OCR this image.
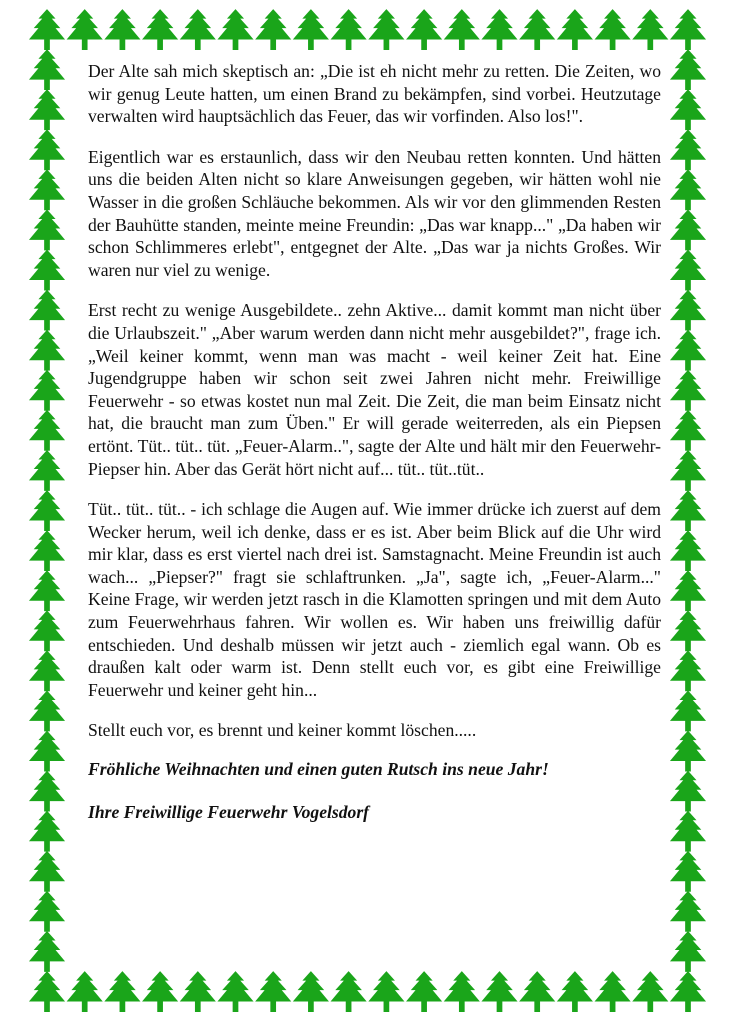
Der Alte sah mich skeptisch an: „Die ist eh nicht mehr zu retten. Die Zeiten, wo wir genug Leute hatten, um einen Brand zu bekämpfen, sind vorbei. Heutzutage verwalten wird hauptsächlich das Feuer, das wir vorfinden. Also los!".

Eigentlich war es erstaunlich, dass wir den Neubau retten konnten. Und hätten uns die beiden Alten nicht so klare Anweisungen gegeben, wir hätten wohl nie Wasser in die großen Schläuche bekommen. Als wir vor den glimmenden Resten der Bauhütte standen, meinte meine Freundin: „Das war knapp..." „Da haben wir schon Schlimmeres erlebt", entgegnet der Alte. „Das war ja nichts Großes. Wir waren nur viel zu wenige.

Erst recht zu wenige Ausgebildete.. zehn Aktive... damit kommt man nicht über die Urlaubszeit." „Aber warum werden dann nicht mehr ausgebildet?", frage ich. „Weil keiner kommt, wenn man was macht - weil keiner Zeit hat. Eine Jugendgruppe haben wir schon seit zwei Jahren nicht mehr. Freiwillige Feuerwehr - so etwas kostet nun mal Zeit. Die Zeit, die man beim Einsatz nicht hat, die braucht man zum Üben." Er will gerade weiterreden, als ein Piepsen ertönt. Tüt.. tüt.. tüt. „Feuer-Alarm..", sagte der Alte und hält mir den Feuerwehr-Piepser hin. Aber das Gerät hört nicht auf... tüt.. tüt..tüt..

Tüt.. tüt.. tüt.. - ich schlage die Augen auf. Wie immer drücke ich zuerst auf dem Wecker herum, weil ich denke, dass er es ist. Aber beim Blick auf die Uhr wird mir klar, dass es erst viertel nach drei ist. Samstagnacht. Meine Freundin ist auch wach... „Piepser?" fragt sie schlaftrunken. „Ja", sagte ich, „Feuer-Alarm..." Keine Frage, wir werden jetzt rasch in die Klamotten springen und mit dem Auto zum Feuerwehrhaus fahren. Wir wollen es. Wir haben uns freiwillig dafür entschieden. Und deshalb müssen wir jetzt auch - ziemlich egal wann. Ob es draußen kalt oder warm ist. Denn stellt euch vor, es gibt eine Freiwillige Feuerwehr und keiner geht hin...

Stellt euch vor, es brennt und keiner kommt löschen.....

Fröhliche Weihnachten und einen guten Rutsch ins neue Jahr!

Ihre Freiwillige Feuerwehr Vogelsdorf
